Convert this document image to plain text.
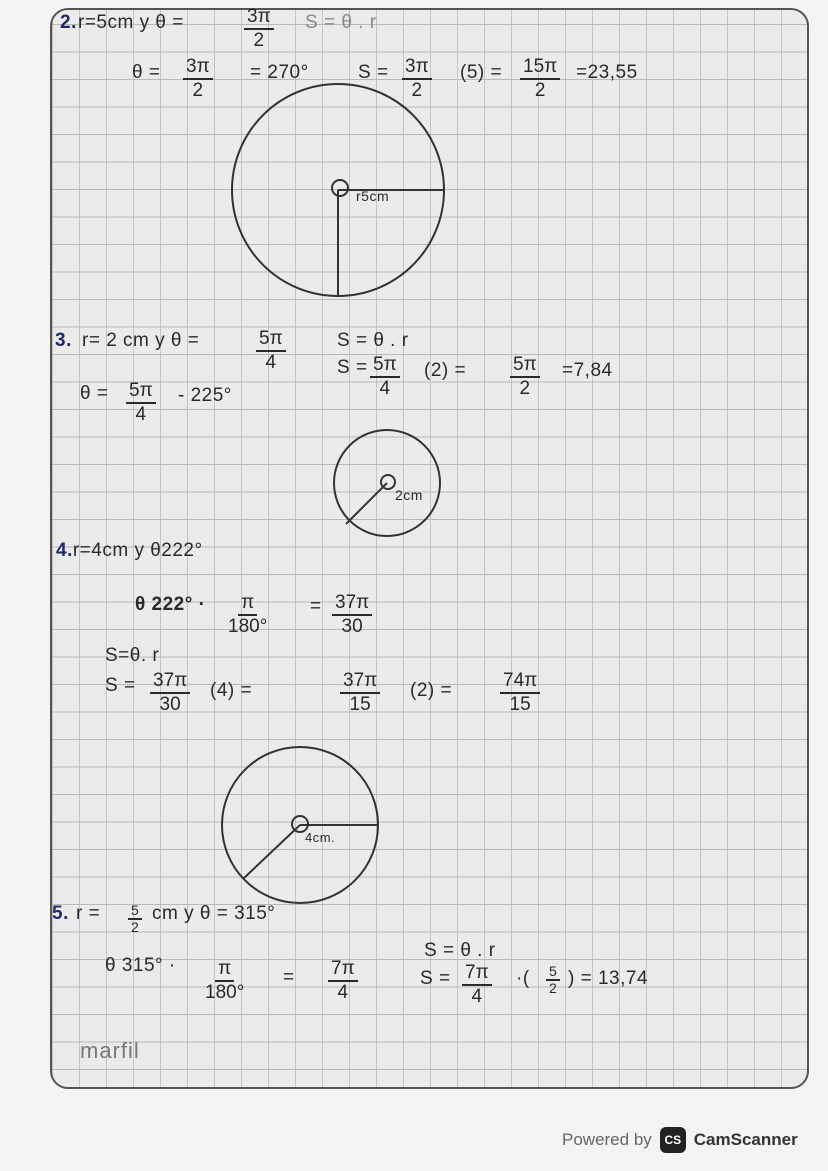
2. r=5cm y θ =	$\frac{3\pi}{2}$ S = θ . r
$\theta = \frac{3\pi}{2} = 270^\circ$	$S = \frac{3\pi}{2} (5) = \frac{15\pi}{2} =23,55$
r5cm
3. r= 2 cm y θ =	$\frac{5\pi}{4}$	S = θ . r
$S = \frac{5\pi}{4} (2) = \frac{5\pi}{2} =7,84$
$\theta = \frac{5\pi}{4} - 225^\circ$
2cm
4.r=4cm y θ222°
θ $222^\circ \cdot \frac{\pi}{180^\circ} = \frac{37\pi}{30}$
S=θ. r
$S = \frac{37\pi}{30} (4)$ =	$\frac{37\pi}{15} (2)$ =	$\frac{74\pi}{15}$
4cm.
5. $r = \frac{5}{2}$ cm y θ = 315°
θ $315^\circ \cdot \frac{\pi}{180^\circ} = \frac{7\pi}{4}$
S = θ . r
$S = \frac{7\pi}{4}$ ·( $\frac{5}{2}$ ) = 13,74
marfil
Powered by	CS CamScanner
